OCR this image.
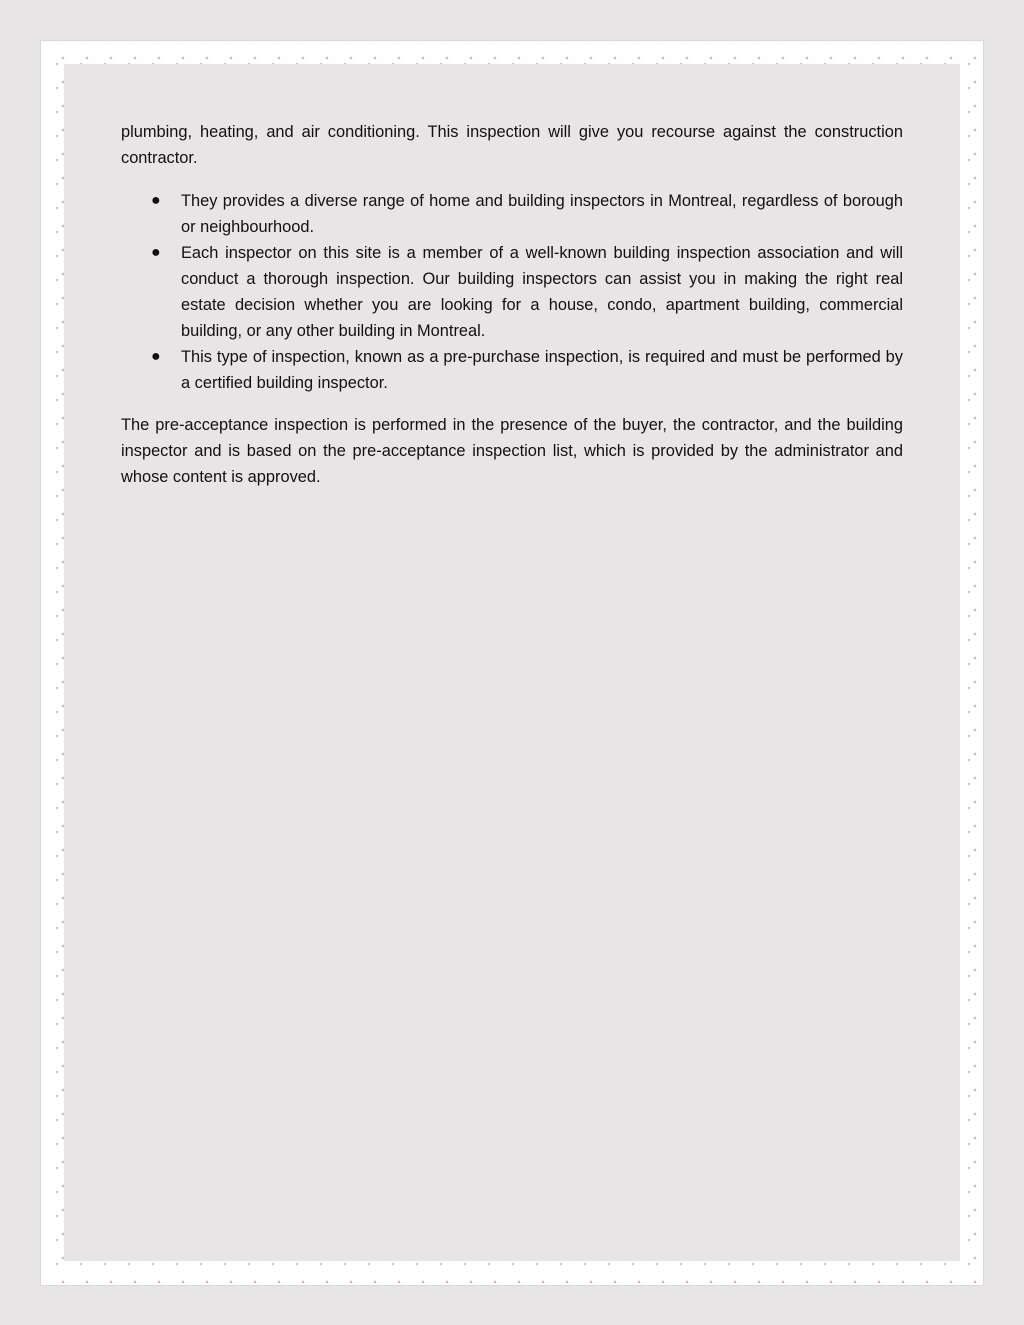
plumbing, heating, and air conditioning. This inspection will give you recourse against the construction contractor.

● They provides a diverse range of home and building inspectors in Montreal, regardless of borough or neighbourhood.
● Each inspector on this site is a member of a well-known building inspection association and will conduct a thorough inspection. Our building inspectors can assist you in making the right real estate decision whether you are looking for a house, condo, apartment building, commercial building, or any other building in Montreal.
● This type of inspection, known as a pre-purchase inspection, is required and must be performed by a certified building inspector.

The pre-acceptance inspection is performed in the presence of the buyer, the contractor, and the building inspector and is based on the pre-acceptance inspection list, which is provided by the administrator and whose content is approved.
